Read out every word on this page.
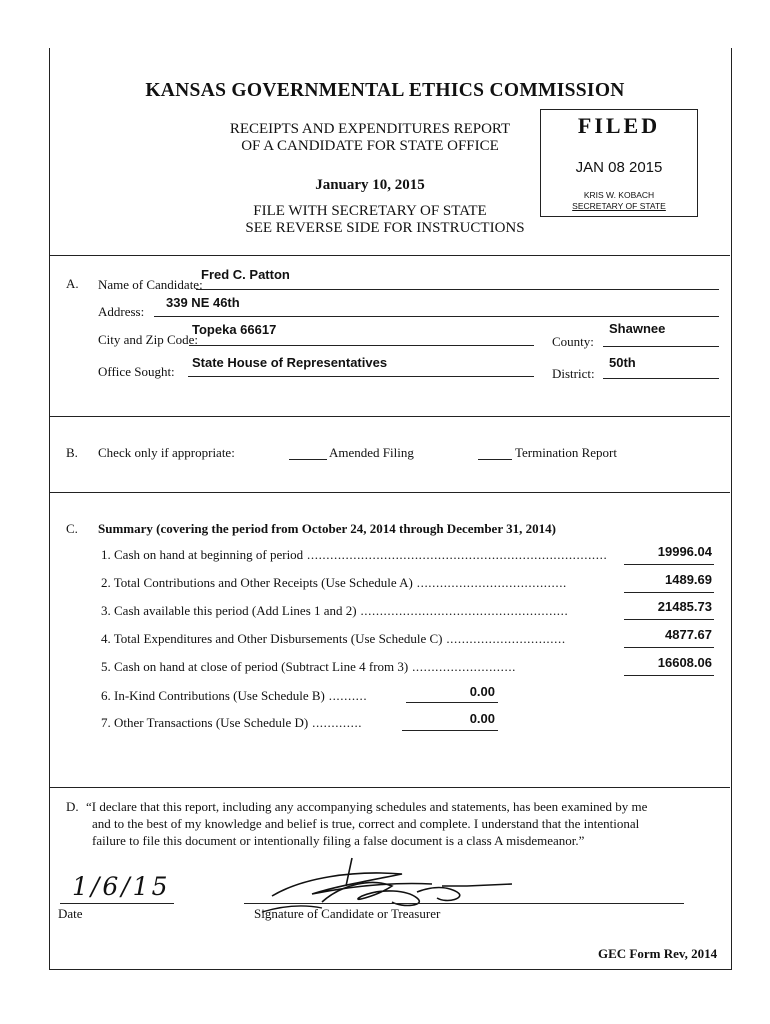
KANSAS GOVERNMENTAL ETHICS COMMISSION
RECEIPTS AND EXPENDITURES REPORT
OF A CANDIDATE FOR STATE OFFICE
January 10, 2015
FILE WITH SECRETARY OF STATE
SEE REVERSE SIDE FOR INSTRUCTIONS
FILED
JAN 08 2015
KRIS W. KOBACH
SECRETARY OF STATE
A. Name of Candidate:
Fred C. Patton
Address:
339 NE 46th
City and Zip Code:
Topeka 66617
County:
Shawnee
Office Sought:
State House of Representatives
District:
50th
B. Check only if appropriate:	Amended Filing	Termination Report
C. Summary (covering the period from October 24, 2014 through December 31, 2014)
1. Cash on hand at beginning of period ..............................................................................	19996.04
2. Total Contributions and Other Receipts (Use Schedule A) .......................................	1489.69
3. Cash available this period (Add Lines 1 and 2) ......................................................	21485.73
4. Total Expenditures and Other Disbursements (Use Schedule C) ...............................	4877.67
5. Cash on hand at close of period (Subtract Line 4 from 3) ...........................	16608.06
6. In-Kind Contributions (Use Schedule B) ..........	0.00
7. Other Transactions (Use Schedule D) .............	0.00
D. “I declare that this report, including any accompanying schedules and statements, has been examined by me
and to the best of my knowledge and belief is true, correct and complete. I understand that the intentional
failure to file this document or intentionally filing a false document is a class A misdemeanor.”
1/6/15
Date	Signature of Candidate or Treasurer
GEC Form Rev, 2014
